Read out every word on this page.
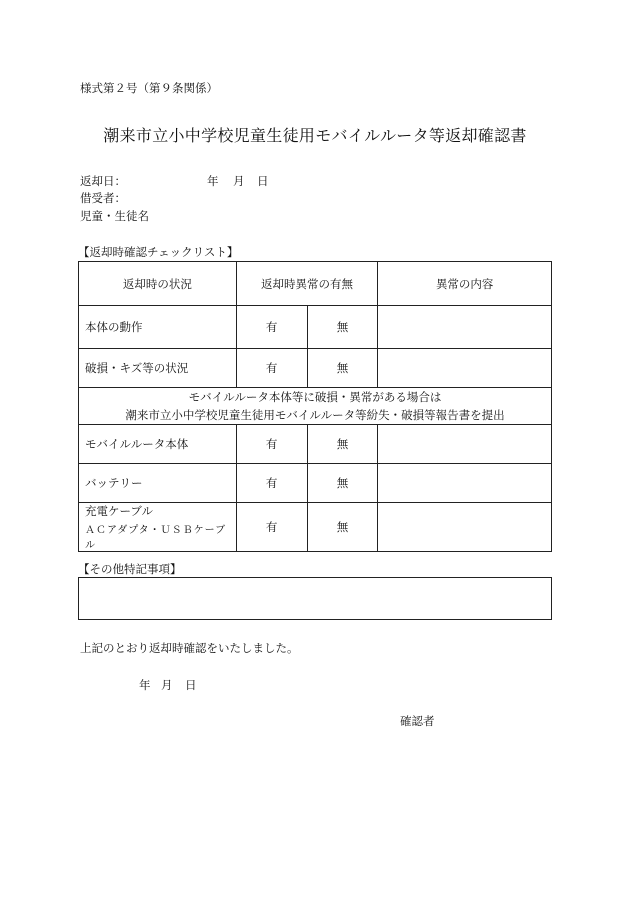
様式第２号（第９条関係）
潮来市立小中学校児童生徒用モバイルルータ等返却確認書
返却日：	年 月 日
借受者：
児童・生徒名
【返却時確認チェックリスト】
返却時の状況	返却時異常の有無		異常の内容
本体の動作	有	無	
破損・キズ等の状況	有	無	

モバイルルータ本体等に破損・異常がある場合は
潮来市立小中学校児童生徒用モバイルルータ等紛失・破損等報告書を提出			

モバイルルータ本体	有	無	
バッテリー	有	無	
充電ケーブル
ＡＣアダプタ・ＵＳＢケーブル	有	無	
【その他特記事項】
上記のとおり返却時確認をいたしました。
年 月 日
確認者
